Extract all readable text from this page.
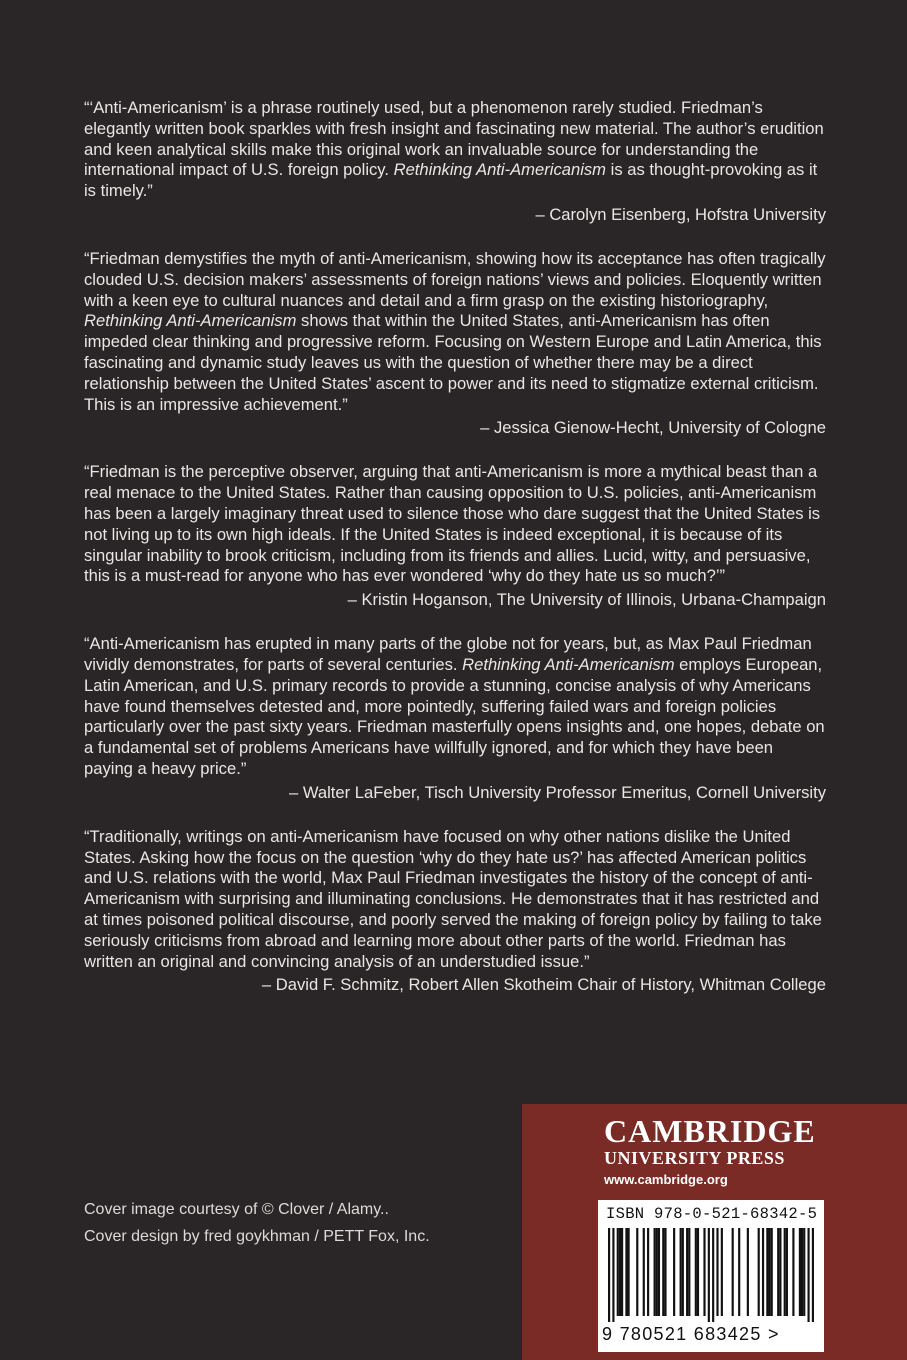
“‘Anti-Americanism’ is a phrase routinely used, but a phenomenon rarely studied. Friedman’s elegantly written book sparkles with fresh insight and fascinating new material. The author’s erudition and keen analytical skills make this original work an invaluable source for understanding the international impact of U.S. foreign policy. Rethinking Anti-Americanism is as thought-provoking as it is timely.”

– Carolyn Eisenberg, Hofstra University

“Friedman demystifies the myth of anti-Americanism, showing how its acceptance has often tragically clouded U.S. decision makers’ assessments of foreign nations’ views and policies. Eloquently written with a keen eye to cultural nuances and detail and a firm grasp on the existing historiography, Rethinking Anti-Americanism shows that within the United States, anti-Americanism has often impeded clear thinking and progressive reform. Focusing on Western Europe and Latin America, this fascinating and dynamic study leaves us with the question of whether there may be a direct relationship between the United States’ ascent to power and its need to stigmatize external criticism. This is an impressive achievement.”

– Jessica Gienow-Hecht, University of Cologne

“Friedman is the perceptive observer, arguing that anti-Americanism is more a mythical beast than a real menace to the United States. Rather than causing opposition to U.S. policies, anti-Americanism has been a largely imaginary threat used to silence those who dare suggest that the United States is not living up to its own high ideals. If the United States is indeed exceptional, it is because of its singular inability to brook criticism, including from its friends and allies. Lucid, witty, and persuasive, this is a must-read for anyone who has ever wondered ‘why do they hate us so much?’”

– Kristin Hoganson, The University of Illinois, Urbana-Champaign

“Anti-Americanism has erupted in many parts of the globe not for years, but, as Max Paul Friedman vividly demonstrates, for parts of several centuries. Rethinking Anti-Americanism employs European, Latin American, and U.S. primary records to provide a stunning, concise analysis of why Americans have found themselves detested and, more pointedly, suffering failed wars and foreign policies particularly over the past sixty years. Friedman masterfully opens insights and, one hopes, debate on a fundamental set of problems Americans have willfully ignored, and for which they have been paying a heavy price.”

– Walter LaFeber, Tisch University Professor Emeritus, Cornell University

“Traditionally, writings on anti-Americanism have focused on why other nations dislike the United States. Asking how the focus on the question ‘why do they hate us?’ has affected American politics and U.S. relations with the world, Max Paul Friedman investigates the history of the concept of anti-Americanism with surprising and illuminating conclusions. He demonstrates that it has restricted and at times poisoned political discourse, and poorly served the making of foreign policy by failing to take seriously criticisms from abroad and learning more about other parts of the world. Friedman has written an original and convincing analysis of an understudied issue.”

– David F. Schmitz, Robert Allen Skotheim Chair of History, Whitman College

Cover image courtesy of © Clover / Alamy..
Cover design by fred goykhman / PETT Fox, Inc.
CAMBRIDGE
UNIVERSITY PRESS
www.cambridge.org
ISBN 978-0-521-68342-5
9 780521 683425 >
